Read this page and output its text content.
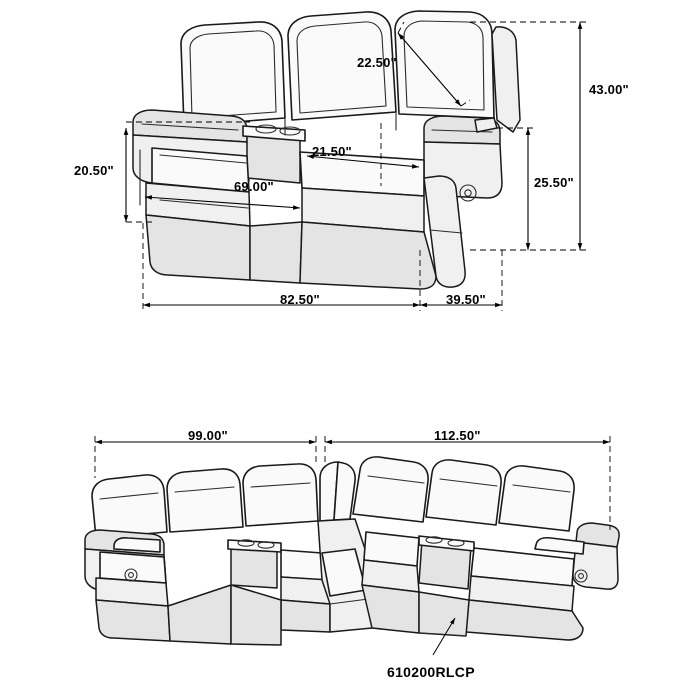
22.50"
43.00"
21.50"
20.50"
69.00"	25.50"
82.50"	39.50"
99.00"	112.50"
610200RLCP
